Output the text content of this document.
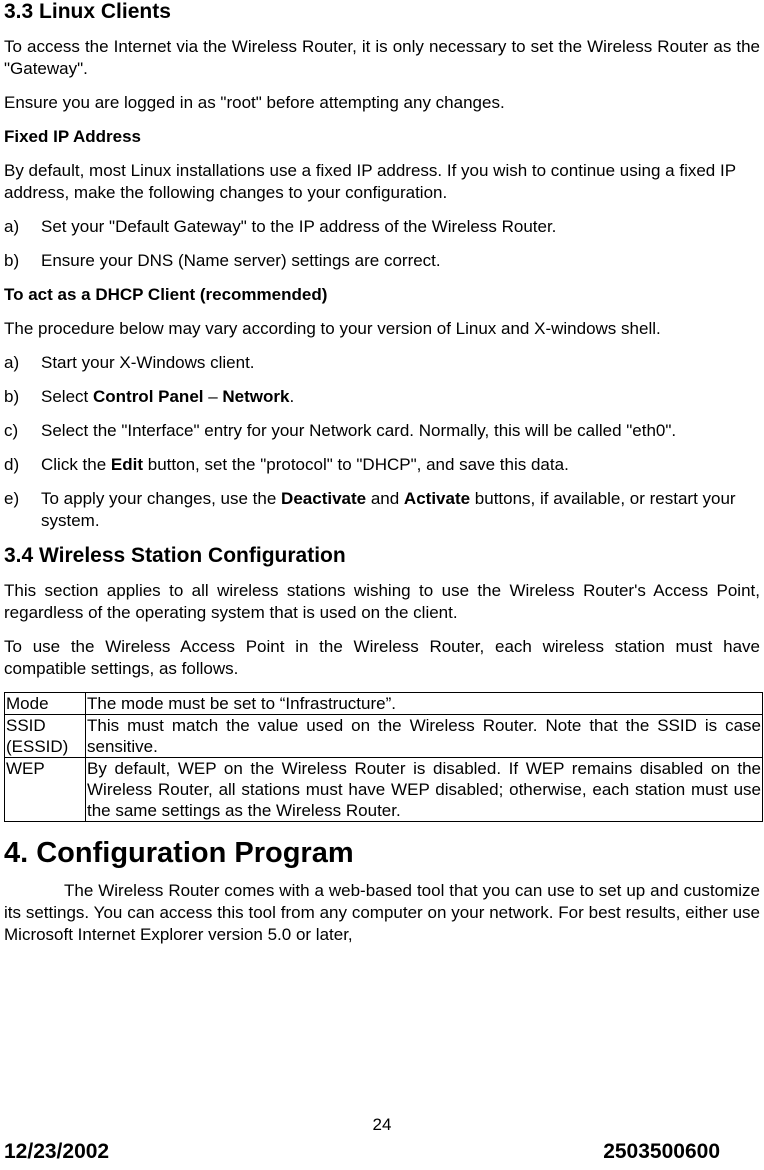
3.3 Linux Clients

To access the Internet via the Wireless Router, it is only necessary to set the Wireless Router as the "Gateway".

Ensure you are logged in as "root" before attempting any changes.

Fixed IP Address

By default, most Linux installations use a fixed IP address. If you wish to continue using a fixed IP address, make the following changes to your configuration.

a)	Set your "Default Gateway" to the IP address of the Wireless Router.
b)	Ensure your DNS (Name server) settings are correct.

To act as a DHCP Client (recommended)

The procedure below may vary according to your version of Linux and X-windows shell.

a)	Start your X-Windows client.
b)	Select Control Panel – Network.
c)	Select the "Interface" entry for your Network card. Normally, this will be called "eth0".
d)	Click the Edit button, set the "protocol" to "DHCP", and save this data.
e)	To apply your changes, use the Deactivate and Activate buttons, if available, or restart your system.
3.4 Wireless Station Configuration

This section applies to all wireless stations wishing to use the Wireless Router's Access Point, regardless of the operating system that is used on the client.

To use the Wireless Access Point in the Wireless Router, each wireless station must have compatible settings, as follows.

Mode	The mode must be set to “Infrastructure”.
SSID (ESSID)	This must match the value used on the Wireless Router. Note that the SSID is case sensitive.
WEP	By default, WEP on the Wireless Router is disabled. If WEP remains disabled on the Wireless Router, all stations must have WEP disabled; otherwise, each station must use the same settings as the Wireless Router.
4. Configuration Program

The Wireless Router comes with a web-based tool that you can use to set up and customize its settings. You can access this tool from any computer on your network. For best results, either use Microsoft Internet Explorer version 5.0 or later,

24
12/23/2002	2503500600
